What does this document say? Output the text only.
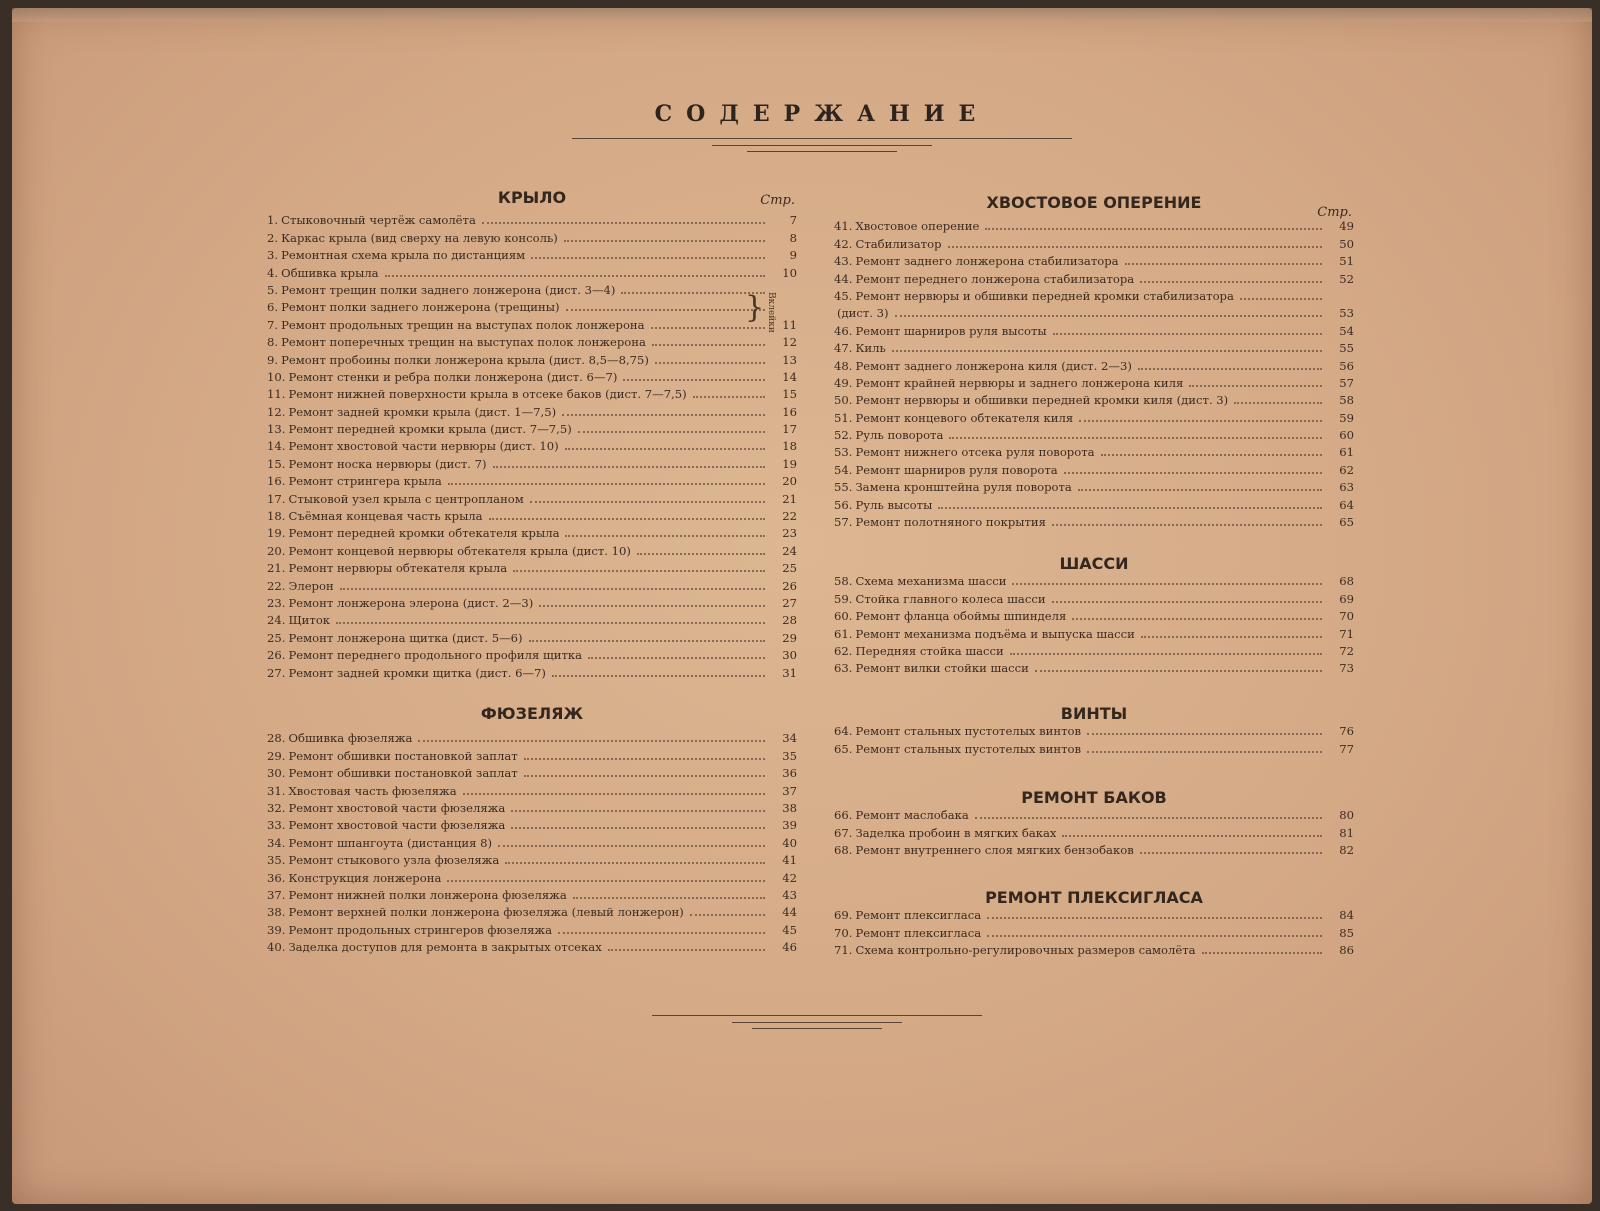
СОДЕРЖАНИЕ
КРЫЛО	Стр.
1. Стыковочный чертёж самолёта	7
2. Каркас крыла (вид сверху на левую консоль)	8
3. Ремонтная схема крыла по дистанциям	9
4. Обшивка крыла	10
5. Ремонт трещин полки заднего лонжерона (дист. 3—4)
6. Ремонт полки заднего лонжерона (трещины)
7. Ремонт продольных трещин на выступах полок лонжерона	11
8. Ремонт поперечных трещин на выступах полок лонжерона	12
9. Ремонт пробоины полки лонжерона крыла (дист. 8,5—8,75)	13
10. Ремонт стенки и ребра полки лонжерона (дист. 6—7)	14
11. Ремонт нижней поверхности крыла в отсеке баков (дист. 7—7,5)	15
12. Ремонт задней кромки крыла (дист. 1—7,5)	16
13. Ремонт передней кромки крыла (дист. 7—7,5)	17
14. Ремонт хвостовой части нервюры (дист. 10)	18
15. Ремонт носка нервюры (дист. 7)	19
16. Ремонт стрингера крыла	20
17. Стыковой узел крыла с центропланом	21
18. Съёмная концевая часть крыла	22
19. Ремонт передней кромки обтекателя крыла	23
20. Ремонт концевой нервюры обтекателя крыла (дист. 10)	24
21. Ремонт нервюры обтекателя крыла	25
22. Элерон	26
23. Ремонт лонжерона элерона (дист. 2—3)	27
24. Щиток	28
25. Ремонт лонжерона щитка (дист. 5—6)	29
26. Ремонт переднего продольного профиля щитка	30
27. Ремонт задней кромки щитка (дист. 6—7)	31
} Вклейки
ФЮЗЕЛЯЖ
28. Обшивка фюзеляжа	34
29. Ремонт обшивки постановкой заплат	35
30. Ремонт обшивки постановкой заплат	36
31. Хвостовая часть фюзеляжа	37
32. Ремонт хвостовой части фюзеляжа	38
33. Ремонт хвостовой части фюзеляжа	39
34. Ремонт шпангоута (дистанция 8)	40
35. Ремонт стыкового узла фюзеляжа	41
36. Конструкция лонжерона	42
37. Ремонт нижней полки лонжерона фюзеляжа	43
38. Ремонт верхней полки лонжерона фюзеляжа (левый лонжерон)	44
39. Ремонт продольных стрингеров фюзеляжа	45
40. Заделка доступов для ремонта в закрытых отсеках	46
ХВОСТОВОЕ ОПЕРЕНИЕ
Стр.
41. Хвостовое оперение	49
42. Стабилизатор	50
43. Ремонт заднего лонжерона стабилизатора	51
44. Ремонт переднего лонжерона стабилизатора	52
45. Ремонт нервюры и обшивки передней кромки стабилизатора
(дист. 3)	53
46. Ремонт шарниров руля высоты	54
47. Киль	55
48. Ремонт заднего лонжерона киля (дист. 2—3)	56
49. Ремонт крайней нервюры и заднего лонжерона киля	57
50. Ремонт нервюры и обшивки передней кромки киля (дист. 3)	58
51. Ремонт концевого обтекателя киля	59
52. Руль поворота	60
53. Ремонт нижнего отсека руля поворота	61
54. Ремонт шарниров руля поворота	62
55. Замена кронштейна руля поворота	63
56. Руль высоты	64
57. Ремонт полотняного покрытия	65
ШАССИ
58. Схема механизма шасси	68
59. Стойка главного колеса шасси	69
60. Ремонт фланца обоймы шпинделя	70
61. Ремонт механизма подъёма и выпуска шасси	71
62. Передняя стойка шасси	72
63. Ремонт вилки стойки шасси	73
ВИНТЫ
64. Ремонт стальных пустотелых винтов	76
65. Ремонт стальных пустотелых винтов	77
РЕМОНТ БАКОВ
66. Ремонт маслобака	80
67. Заделка пробоин в мягких баках	81
68. Ремонт внутреннего слоя мягких бензобаков	82
РЕМОНТ ПЛЕКСИГЛАСА
69. Ремонт плексигласа	84
70. Ремонт плексигласа	85
71. Схема контрольно-регулировочных размеров самолёта	86
